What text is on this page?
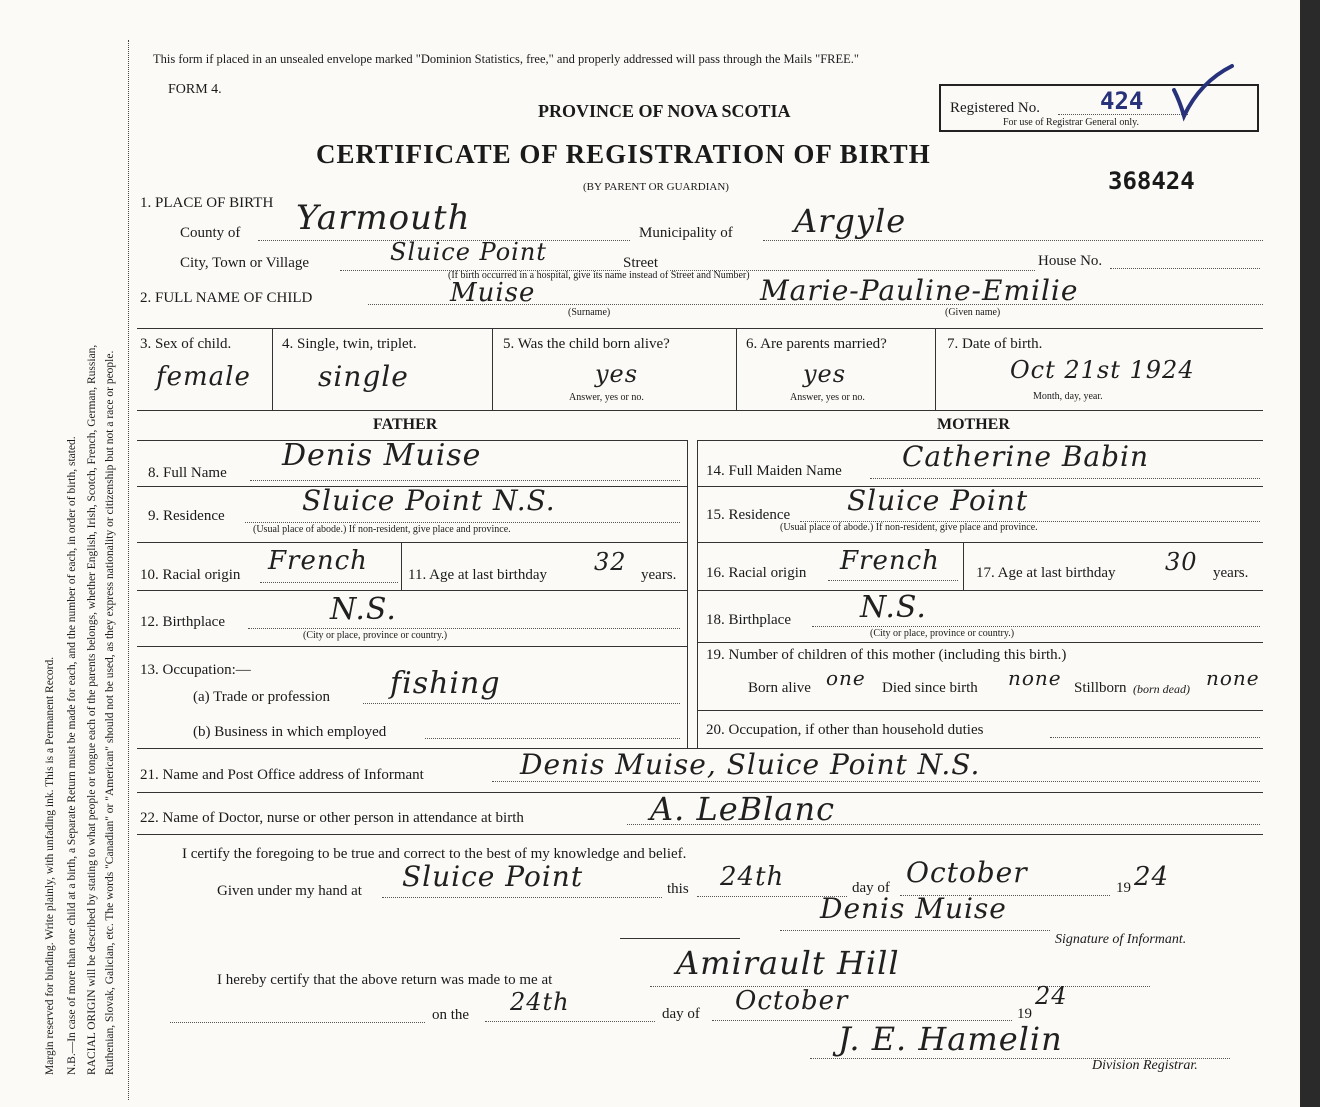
Margin reserved for binding. Write plainly, with unfading ink. This is a Permanent Record. N.B.—In case of more than one child at a birth, a Separate Return must be made for each, and the number of each, in order of birth, stated. RACIAL ORIGIN will be described by stating to what people or tongue each of the parents belongs, whether English, Irish, Scotch, French, German, Russian, Ruthenian, Slovak, Galician, etc. The words "Canadian" or "American" should not be used, as they express nationality or citizenship but not a race or people.
This form if placed in an unsealed envelope marked "Dominion Statistics, free," and properly addressed will pass through the Mails "FREE."
FORM 4.
PROVINCE OF NOVA SCOTIA
CERTIFICATE OF REGISTRATION OF BIRTH
(BY PARENT OR GUARDIAN)
Registered No.	424
For use of Registrar General only.
368424
1. PLACE OF BIRTH
County of Yarmouth	Municipality of Argyle
City, Town or Village	Sluice Point	Street	House No.
(If birth occurred in a hospital, give its name instead of Street and Number)
2. FULL NAME OF CHILD	Muise	Marie-Pauline-Emilie
(Surname)	(Given name)
3. Sex of child.
female
4. Single, twin, triplet.
single
5. Was the child born alive?
yes
Answer, yes or no.
6. Are parents married?
yes
Answer, yes or no.
7. Date of birth.
Oct 21st 1924
Month, day, year.
FATHER	MOTHER
8. Full Name Denis Muise
9. Residence	Sluice Point N.S.
(Usual place of abode.) If non-resident, give place and province.
10. Racial origin French	11. Age at last birthday 32 years.
12. Birthplace	N.S.
(City or place, province or country.)
13. Occupation:—
(a) Trade or profession fishing
(b) Business in which employed
14. Full Maiden Name Catherine Babin
15. Residence Sluice Point
(Usual place of abode.) If non-resident, give place and province.
16. Racial origin French 17. Age at last birthday 30 years.
18. Birthplace N.S.
(City or place, province or country.)
19. Number of children of this mother (including this birth.)
Born alive one Died since birth none Stillborn (born dead) none
20. Occupation, if other than household duties
21. Name and Post Office address of Informant	Denis Muise, Sluice Point N.S.
22. Name of Doctor, nurse or other person in attendance at birth	A. LeBlanc
I certify the foregoing to be true and correct to the best of my knowledge and belief.
Given under my hand at Sluice Point	this 24th	day of October	19 24
Denis Muise
Signature of Informant.
I hereby certify that the above return was made to me at	Amirault Hill
on the 24th	day of October	19
24
J. E. Hamelin
Division Registrar.
